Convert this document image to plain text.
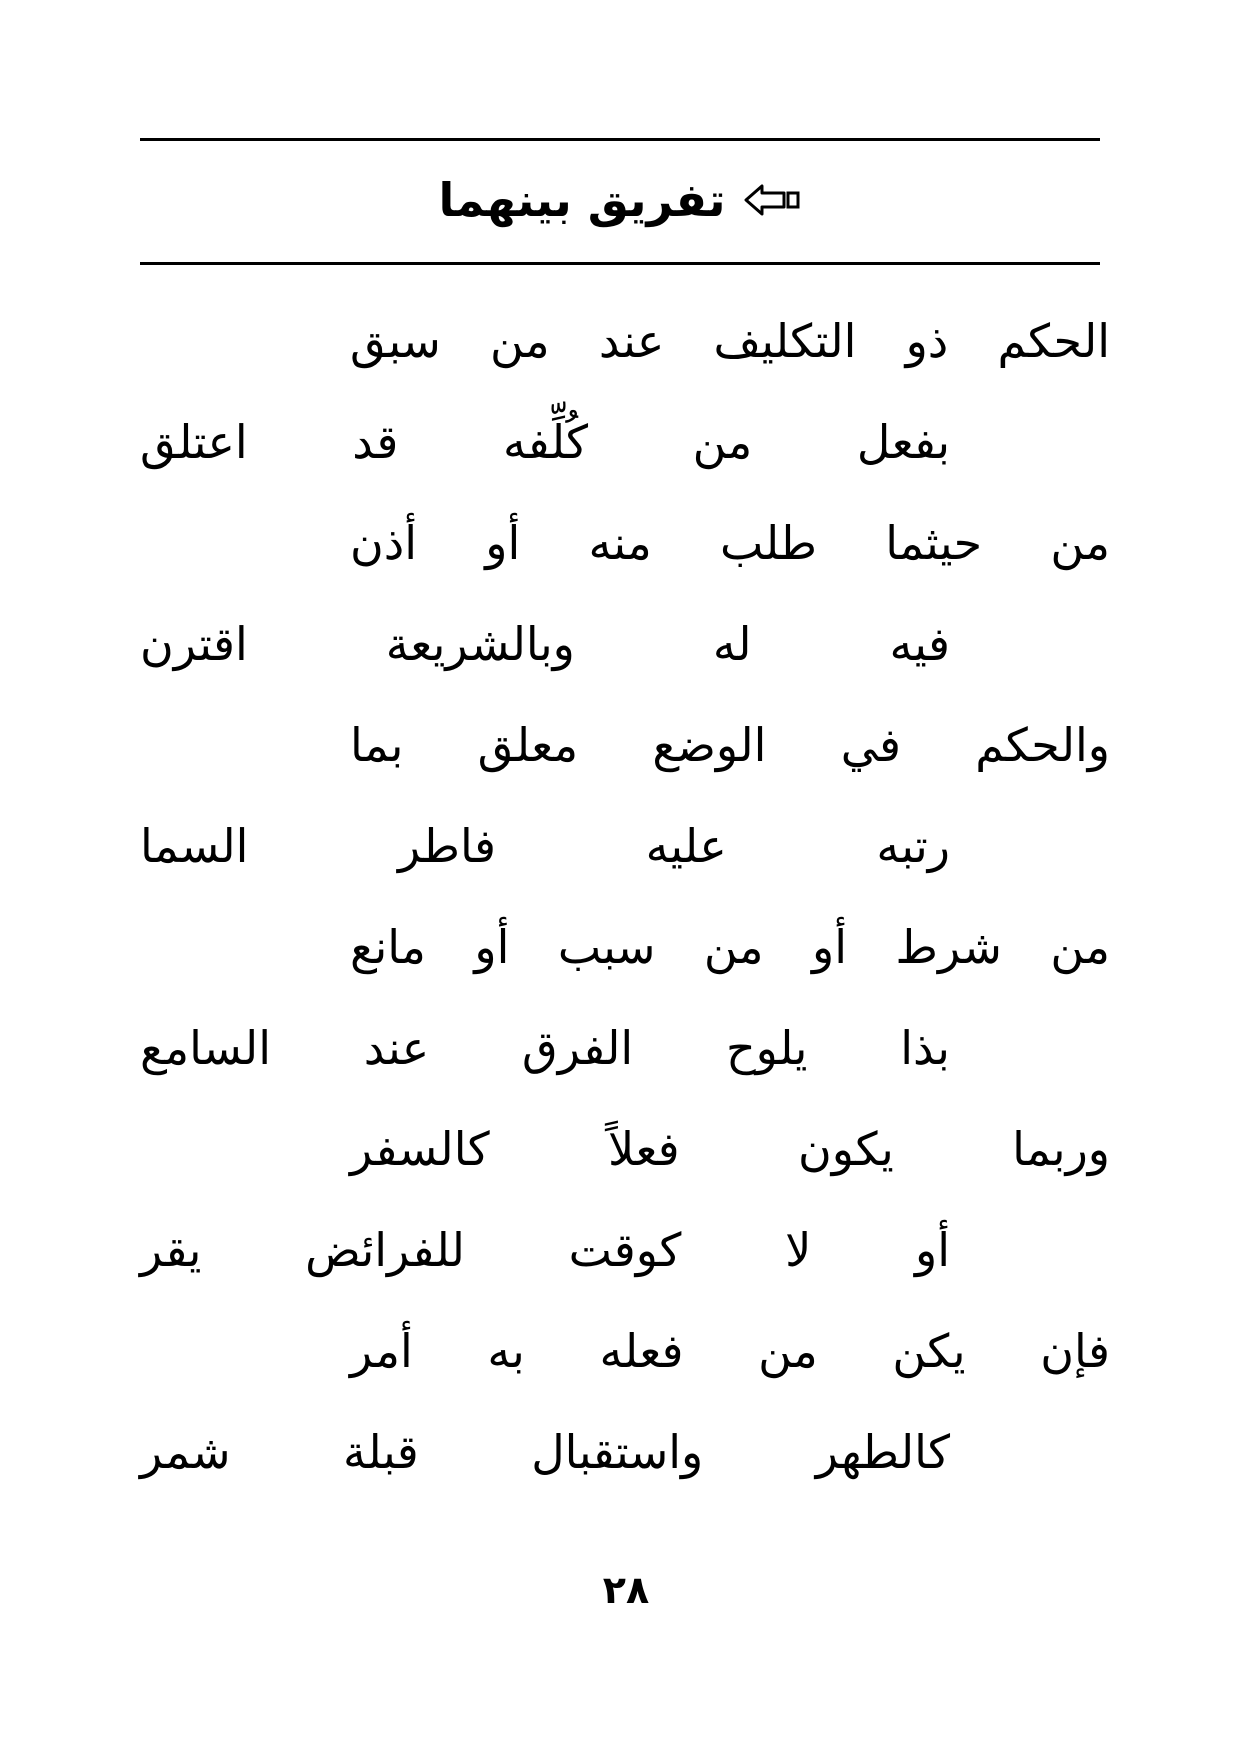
تفريق بينهما
الحكم ذو التكليف عند من سبق
بفعل من كُلِّفه قد اعتلق
من حيثما طلب منه أو أذن
فيه له وبالشريعة اقترن
والحكم في الوضع معلق بما
رتبه عليه فاطر السما
من شرط أو من سبب أو مانع
بذا يلوح الفرق عند السامع
وربما يكون فعلاً كالسفر
أو لا كوقت للفرائض يقر
فإن يكن من فعله به أمر
كالطهر واستقبال قبلة شمر
٢٨
